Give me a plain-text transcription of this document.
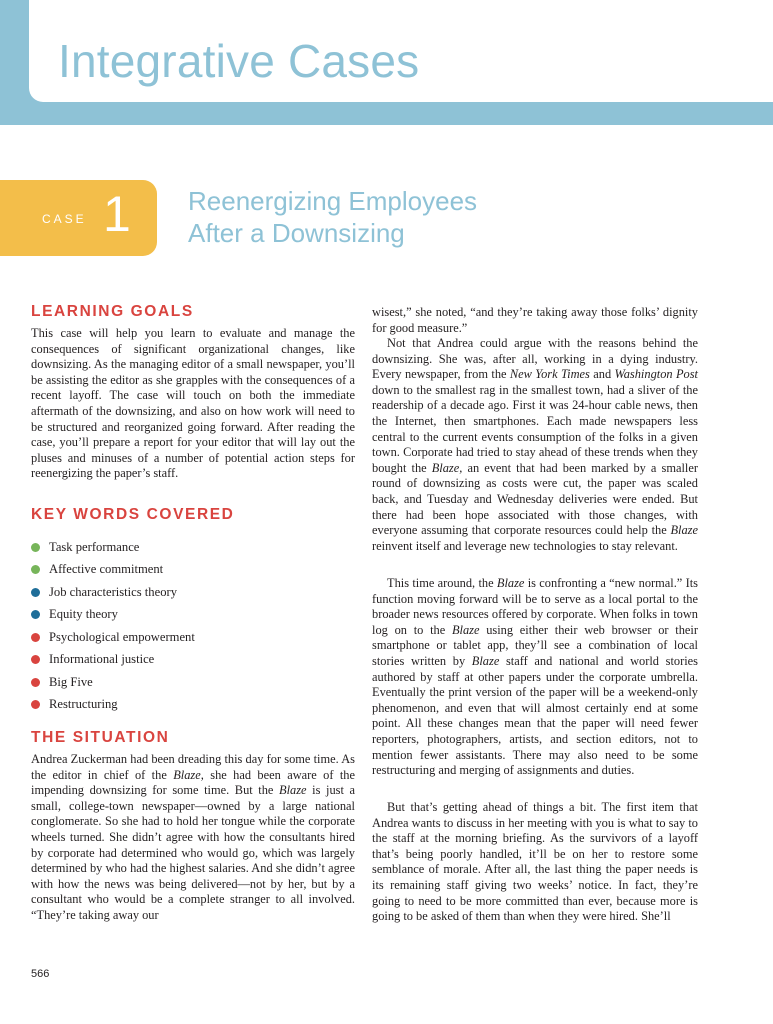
Integrative Cases
CASE 1 Reenergizing Employees
After a Downsizing
LEARNING GOALS

This case will help you learn to evaluate and manage the consequences of significant organizational changes, like downsizing. As the managing editor of a small newspaper, you’ll be assisting the editor as she grapples with the consequences of a recent layoff. The case will touch on both the immediate aftermath of the downsizing, and also on how work will need to be structured and reorganized going forward. After reading the case, you’ll prepare a report for your editor that will lay out the pluses and minuses of a number of potential action steps for reenergizing the paper’s staff.

KEY WORDS COVERED
Task performance
Affective commitment
Job characteristics theory
Equity theory
Psychological empowerment
Informational justice
Big Five
Restructuring
THE SITUATION

Andrea Zuckerman had been dreading this day for some time. As the editor in chief of the Blaze, she had been aware of the impending downsizing for some time. But the Blaze is just a small, college-town newspaper—owned by a large national conglomerate. So she had to hold her tongue while the corporate wheels turned. She didn’t agree with how the consultants hired by corporate had determined who would go, which was largely determined by who had the highest salaries. And she didn’t agree with how the news was being delivered—not by her, but by a consultant who would be a complete stranger to all involved. “They’re taking away our

wisest,” she noted, “and they’re taking away those folks’ dignity for good measure.”

Not that Andrea could argue with the reasons behind the downsizing. She was, after all, working in a dying industry. Every newspaper, from the New York Times and Washington Post down to the smallest rag in the smallest town, had a sliver of the readership of a decade ago. First it was 24-hour cable news, then the Internet, then smartphones. Each made newspapers less central to the current events consumption of the folks in a given town. Corporate had tried to stay ahead of these trends when they bought the Blaze, an event that had been marked by a smaller round of downsizing as costs were cut, the paper was scaled back, and Tuesday and Wednesday deliveries were ended. But there had been hope associated with those changes, with everyone assuming that corporate resources could help the Blaze reinvent itself and leverage new technologies to stay relevant.

This time around, the Blaze is confronting a “new normal.” Its function moving forward will be to serve as a local portal to the broader news resources offered by corporate. When folks in town log on to the Blaze using either their web browser or their smartphone or tablet app, they’ll see a combination of local stories written by Blaze staff and national and world stories authored by staff at other papers under the corporate umbrella. Eventually the print version of the paper will be a weekend-only phenomenon, and even that will almost certainly end at some point. All these changes mean that the paper will need fewer reporters, photographers, artists, and section editors, not to mention fewer assistants. There may also need to be some restructuring and merging of assignments and duties.

But that’s getting ahead of things a bit. The first item that Andrea wants to discuss in her meeting with you is what to say to the staff at the morning briefing. As the survivors of a layoff that’s being poorly handled, it’ll be on her to restore some semblance of morale. After all, the last thing the paper needs is its remaining staff giving two weeks’ notice. In fact, they’re going to need to be more committed than ever, because more is going to be asked of them than when they were hired. She’ll

566
